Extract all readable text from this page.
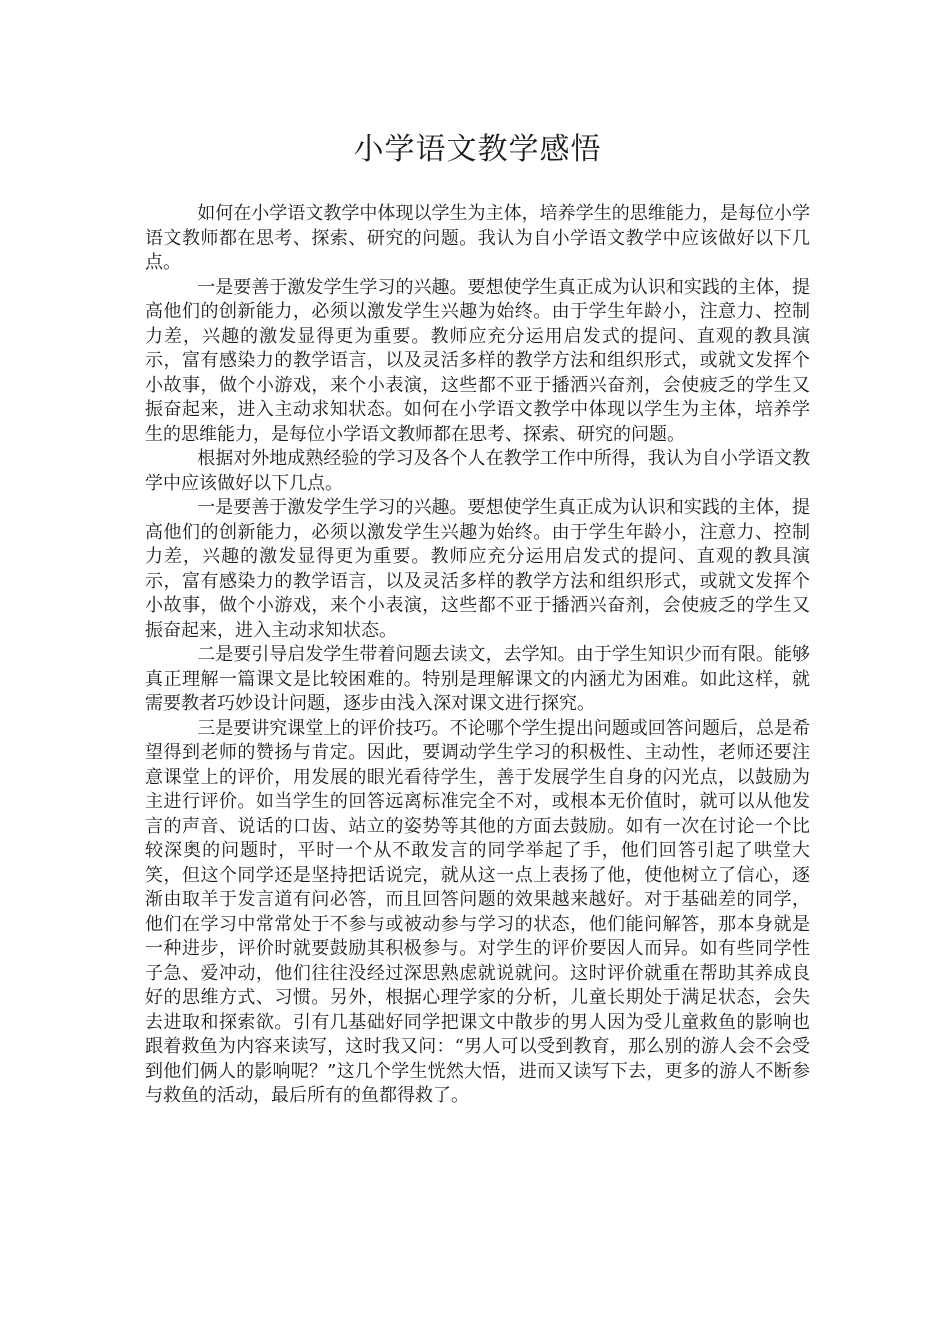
小学语文教学感悟

如何在小学语文教学中体现以学生为主体，培养学生的思维能力，是每位小学语文教师都在思考、探索、研究的问题。我认为自小学语文教学中应该做好以下几点。

一是要善于激发学生学习的兴趣。要想使学生真正成为认识和实践的主体，提高他们的创新能力，必须以激发学生兴趣为始终。由于学生年龄小，注意力、控制力差，兴趣的激发显得更为重要。教师应充分运用启发式的提问、直观的教具演示，富有感染力的教学语言，以及灵活多样的教学方法和组织形式，或就文发挥个小故事，做个小游戏，来个小表演，这些都不亚于播洒兴奋剂，会使疲乏的学生又振奋起来，进入主动求知状态。如何在小学语文教学中体现以学生为主体，培养学生的思维能力，是每位小学语文教师都在思考、探索、研究的问题。

根据对外地成熟经验的学习及各个人在教学工作中所得，我认为自小学语文教学中应该做好以下几点。

一是要善于激发学生学习的兴趣。要想使学生真正成为认识和实践的主体，提高他们的创新能力，必须以激发学生兴趣为始终。由于学生年龄小，注意力、控制力差，兴趣的激发显得更为重要。教师应充分运用启发式的提问、直观的教具演示，富有感染力的教学语言，以及灵活多样的教学方法和组织形式，或就文发挥个小故事，做个小游戏，来个小表演，这些都不亚于播洒兴奋剂，会使疲乏的学生又振奋起来，进入主动求知状态。

二是要引导启发学生带着问题去读文，去学知。由于学生知识少而有限。能够真正理解一篇课文是比较困难的。特别是理解课文的内涵尤为困难。如此这样，就需要教者巧妙设计问题，逐步由浅入深对课文进行探究。

三是要讲究课堂上的评价技巧。不论哪个学生提出问题或回答问题后，总是希望得到老师的赞扬与肯定。因此，要调动学生学习的积极性、主动性，老师还要注意课堂上的评价，用发展的眼光看待学生，善于发展学生自身的闪光点，以鼓励为主进行评价。如当学生的回答远离标准完全不对，或根本无价值时，就可以从他发言的声音、说话的口齿、站立的姿势等其他的方面去鼓励。如有一次在讨论一个比较深奥的问题时，平时一个从不敢发言的同学举起了手，他们回答引起了哄堂大笑，但这个同学还是坚持把话说完，就从这一点上表扬了他，使他树立了信心，逐渐由取羊于发言道有问必答，而且回答问题的效果越来越好。对于基础差的同学，他们在学习中常常处于不参与或被动参与学习的状态，他们能问解答，那本身就是一种进步，评价时就要鼓励其积极参与。对学生的评价要因人而异。如有些同学性子急、爱冲动，他们往往没经过深思熟虑就说就问。这时评价就重在帮助其养成良好的思维方式、习惯。另外，根据心理学家的分析，儿童长期处于满足状态，会失去进取和探索欲。引有几基础好同学把课文中散步的男人因为受儿童救鱼的影响也跟着救鱼为内容来读写，这时我又问：“男人可以受到教育，那么别的游人会不会受到他们俩人的影响呢？”这几个学生恍然大悟，进而又读写下去，更多的游人不断参与救鱼的活动，最后所有的鱼都得救了。
